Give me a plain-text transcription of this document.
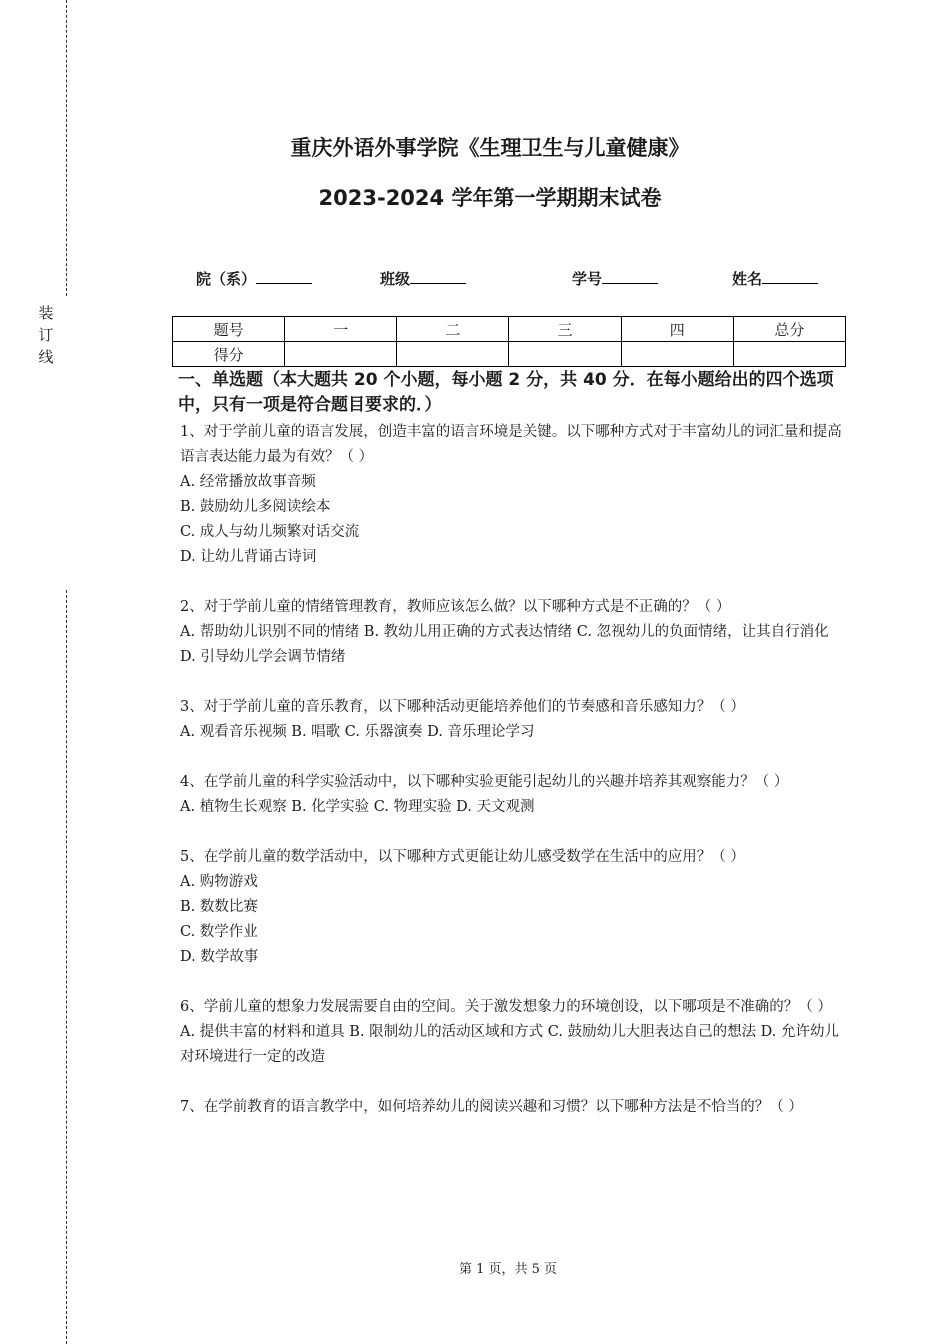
装
订
线
重庆外语外事学院《生理卫生与儿童健康》
2023-2024 学年第一学期期末试卷
院（系）	班级	学号	姓名
题号	一	二	三	四	总分
得分					
一、单选题（本大题共 20 个小题，每小题 2 分，共 40 分．在每小题给出的四个选项中，只有一项是符合题目要求的．）
1、对于学前儿童的语言发展，创造丰富的语言环境是关键。以下哪种方式对于丰富幼儿的词汇量和提高语言表达能力最为有效？（ ）
A. 经常播放故事音频
B. 鼓励幼儿多阅读绘本
C. 成人与幼儿频繁对话交流
D. 让幼儿背诵古诗词
2、对于学前儿童的情绪管理教育，教师应该怎么做？以下哪种方式是不正确的？（ ）
A. 帮助幼儿识别不同的情绪 B. 教幼儿用正确的方式表达情绪 C. 忽视幼儿的负面情绪，让其自行消化 D. 引导幼儿学会调节情绪
3、对于学前儿童的音乐教育，以下哪种活动更能培养他们的节奏感和音乐感知力？（ ）
A. 观看音乐视频 B. 唱歌 C. 乐器演奏 D. 音乐理论学习
4、在学前儿童的科学实验活动中，以下哪种实验更能引起幼儿的兴趣并培养其观察能力？（ ）
A. 植物生长观察 B. 化学实验 C. 物理实验 D. 天文观测
5、在学前儿童的数学活动中，以下哪种方式更能让幼儿感受数学在生活中的应用？（ ）
A. 购物游戏
B. 数数比赛
C. 数学作业
D. 数学故事
6、学前儿童的想象力发展需要自由的空间。关于激发想象力的环境创设，以下哪项是不准确的？（ ）
A. 提供丰富的材料和道具 B. 限制幼儿的活动区域和方式 C. 鼓励幼儿大胆表达自己的想法 D. 允许幼儿对环境进行一定的改造
7、在学前教育的语言教学中，如何培养幼儿的阅读兴趣和习惯？以下哪种方法是不恰当的？（ ）
第 1 页，共 5 页
